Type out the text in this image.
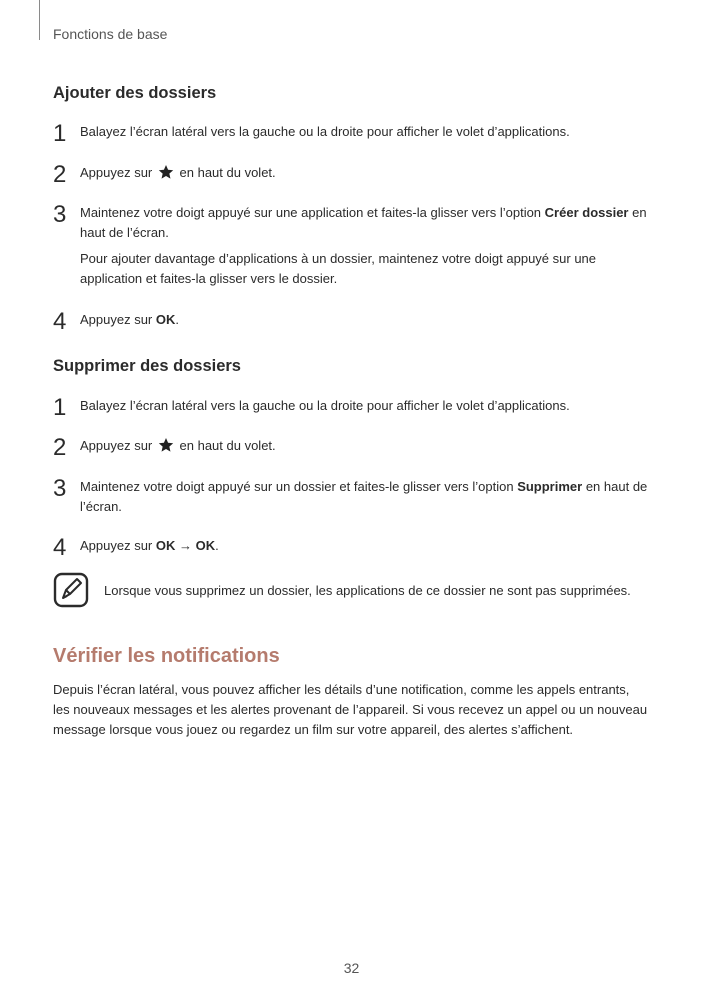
Fonctions de base
Ajouter des dossiers
1 Balayez l’écran latéral vers la gauche ou la droite pour afficher le volet d’applications.

2 Appuyez sur en haut du volet.

3 Maintenez votre doigt appuyé sur une application et faites-la glisser vers l’option Créer dossier en haut de l’écran.

Pour ajouter davantage d’applications à un dossier, maintenez votre doigt appuyé sur une application et faites-la glisser vers le dossier.

4 Appuyez sur OK.

Supprimer des dossiers
1 Balayez l’écran latéral vers la gauche ou la droite pour afficher le volet d’applications.

2 Appuyez sur en haut du volet.

3 Maintenez votre doigt appuyé sur un dossier et faites-le glisser vers l’option Supprimer en haut de l’écran.

4 Appuyez sur OK → OK.

Lorsque vous supprimez un dossier, les applications de ce dossier ne sont pas supprimées.
Vérifier les notifications

Depuis l’écran latéral, vous pouvez afficher les détails d’une notification, comme les appels entrants, les nouveaux messages et les alertes provenant de l’appareil. Si vous recevez un appel ou un nouveau message lorsque vous jouez ou regardez un film sur votre appareil, des alertes s’affichent.

32
